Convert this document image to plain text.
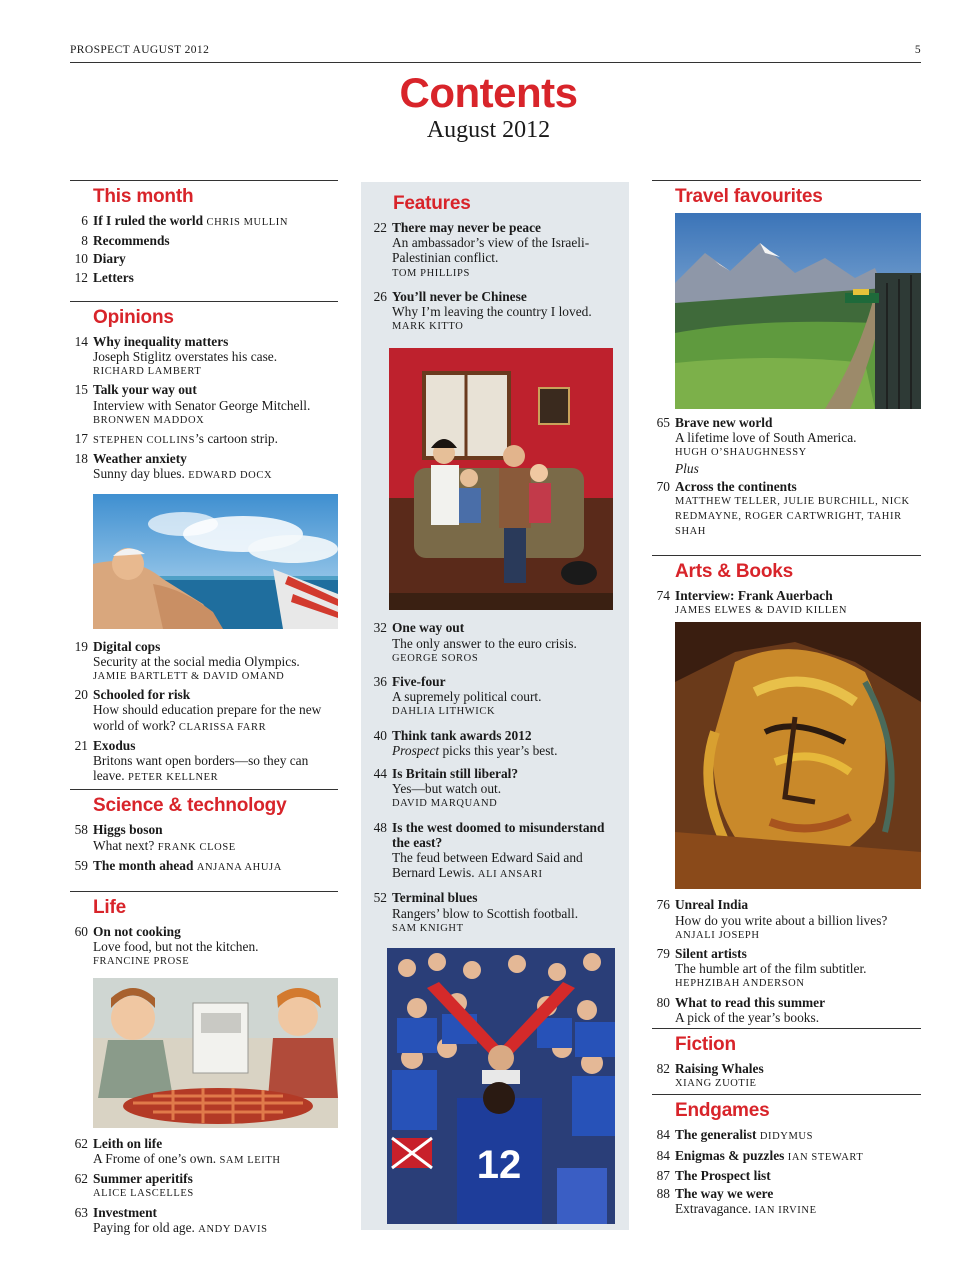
PROSPECT AUGUST 2012	5
Contents
August 2012
This month
6 If I ruled the world CHRIS MULLIN
8 Recommends
10 Diary
12 Letters
Opinions
14 Why inequality matters
Joseph Stiglitz overstates his case.
RICHARD LAMBERT
15 Talk your way out
Interview with Senator George Mitchell.
BRONWEN MADDOX
17 STEPHEN COLLINS’s cartoon strip.
18 Weather anxiety
Sunny day blues. EDWARD DOCX
19 Digital cops
Security at the social media Olympics.
JAMIE BARTLETT & DAVID OMAND
20 Schooled for risk
How should education prepare for the new world of work? CLARISSA FARR
21 Exodus
Britons want open borders—so they can leave. PETER KELLNER
Science & technology
58 Higgs boson
What next? FRANK CLOSE
59 The month ahead ANJANA AHUJA
Life
60 On not cooking
Love food, but not the kitchen.
FRANCINE PROSE
62 Leith on life
A Frome of one’s own. SAM LEITH
62 Summer aperitifs
ALICE LASCELLES
63 Investment
Paying for old age. ANDY DAVIS
Features
22 There may never be peace
An ambassador’s view of the Israeli-Palestinian conflict.
TOM PHILLIPS
26 You’ll never be Chinese
Why I’m leaving the country I loved.
MARK KITTO
32 One way out
The only answer to the euro crisis.
GEORGE SOROS
36 Five-four
A supremely political court.
DAHLIA LITHWICK
40 Think tank awards 2012
Prospect picks this year’s best.
44 Is Britain still liberal?
Yes—but watch out.
DAVID MARQUAND
48 Is the west doomed to misunderstand the east?
The feud between Edward Said and Bernard Lewis. ALI ANSARI
52 Terminal blues
Rangers’ blow to Scottish football.
SAM KNIGHT
12
Travel favourites
65 Brave new world
A lifetime love of South America.
HUGH O’SHAUGHNESSY
Plus
70 Across the continents
MATTHEW TELLER, JULIE BURCHILL, NICK REDMAYNE, ROGER CARTWRIGHT, TAHIR SHAH
Arts & Books
74 Interview: Frank Auerbach
JAMES ELWES & DAVID KILLEN
76 Unreal India
How do you write about a billion lives?
ANJALI JOSEPH
79 Silent artists
The humble art of the film subtitler.
HEPHZIBAH ANDERSON
80 What to read this summer
A pick of the year’s books.
Fiction
82 Raising Whales
XIANG ZUOTIE
Endgames
84 The generalist DIDYMUS
84 Enigmas & puzzles IAN STEWART
87 The Prospect list
88 The way we were
Extravagance. IAN IRVINE
